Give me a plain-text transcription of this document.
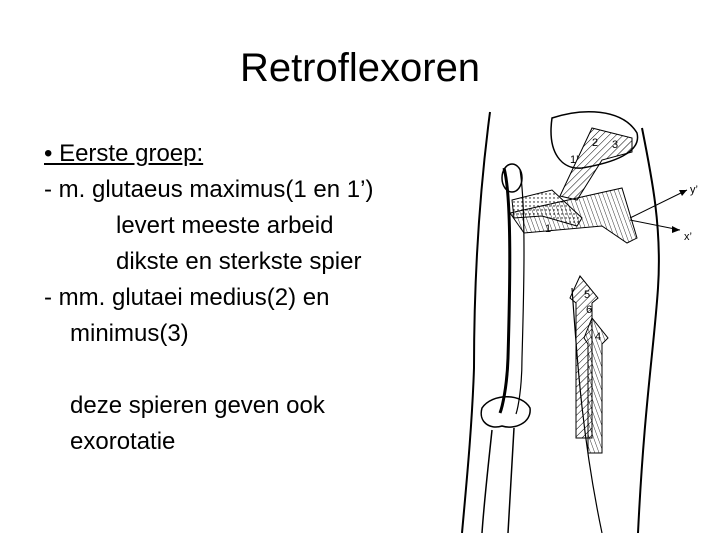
Retroflexoren
• Eerste groep:
- m. glutaeus maximus(1 en 1’)
levert meeste arbeid
dikste en sterkste spier
- mm. glutaei medius(2) en
minimus(3)
deze spieren geven ook
exorotatie
y’
x’
1
1’
2 3
5
6
4
